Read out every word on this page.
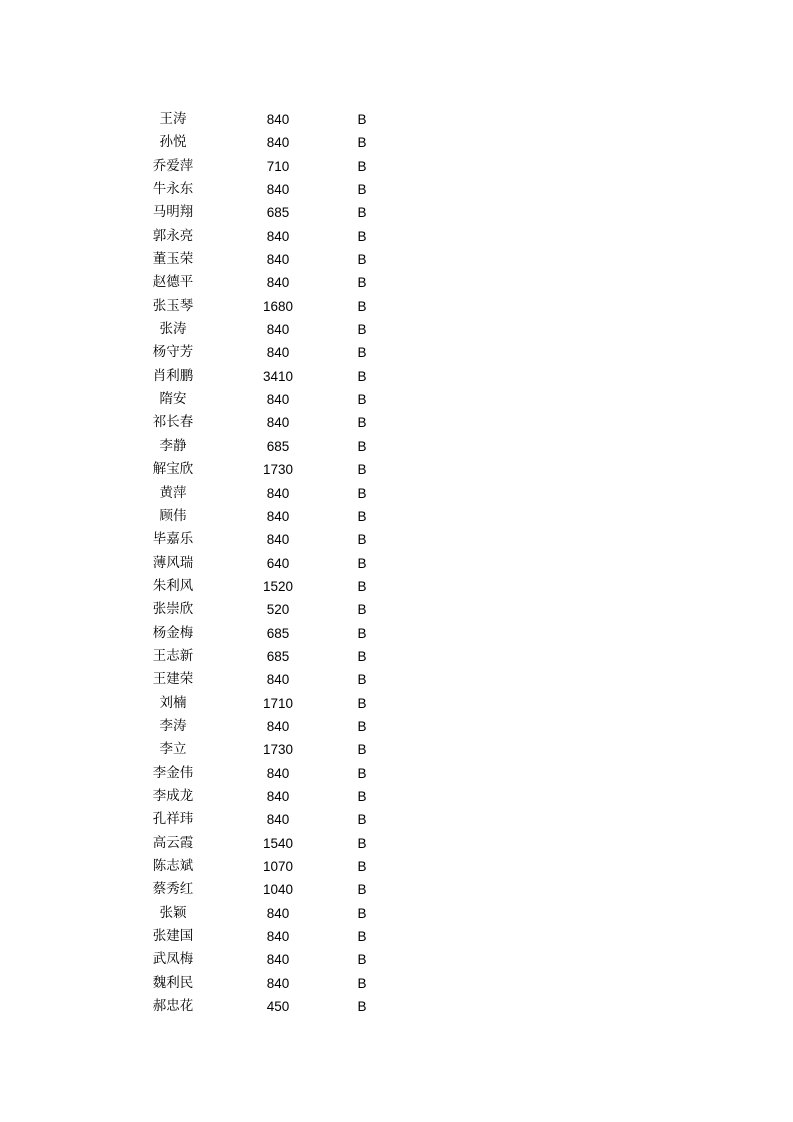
王涛	840	B
孙悦	840	B
乔爱萍	710	B
牛永东	840	B
马明翔	685	B
郭永亮	840	B
董玉荣	840	B
赵德平	840	B
张玉琴	1680	B
张涛	840	B
杨守芳	840	B
肖利鹏	3410	B
隋安	840	B
祁长春	840	B
李静	685	B
解宝欣	1730	B
黄萍	840	B
顾伟	840	B
毕嘉乐	840	B
薄风瑞	640	B
朱利风	1520	B
张崇欣	520	B
杨金梅	685	B
王志新	685	B
王建荣	840	B
刘楠	1710	B
李涛	840	B
李立	1730	B
李金伟	840	B
李成龙	840	B
孔祥玮	840	B
高云霞	1540	B
陈志斌	1070	B
蔡秀红	1040	B
张颖	840	B
张建国	840	B
武凤梅	840	B
魏利民	840	B
郝忠花	450	B
